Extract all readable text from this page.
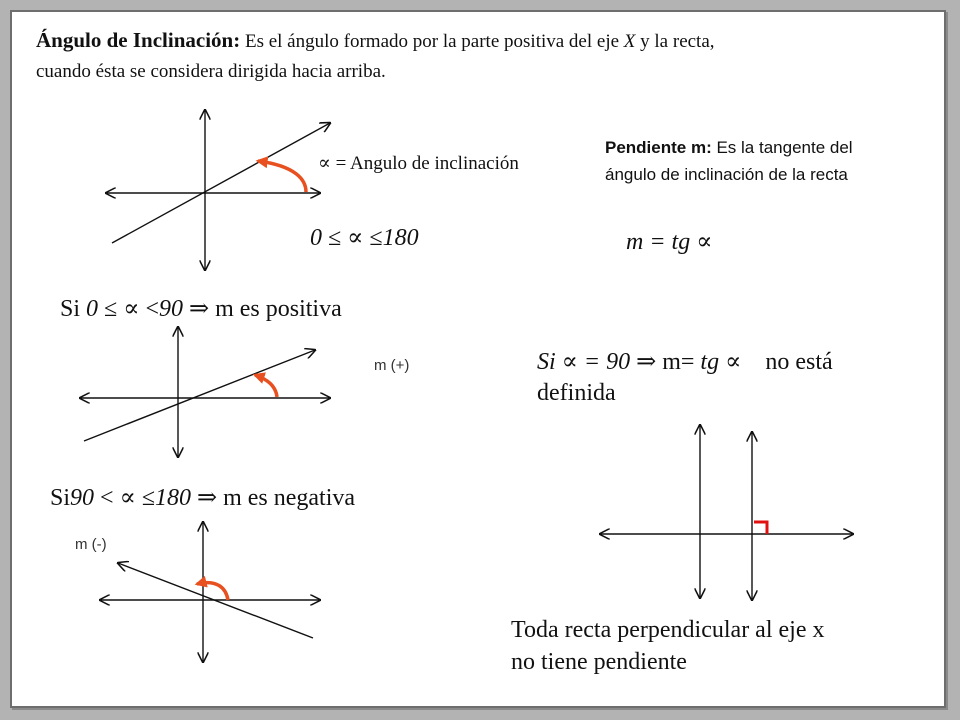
Ángulo de Inclinación: Es el ángulo formado por la parte positiva del eje X y la recta,
cuando ésta se considera dirigida hacia arriba.
∝ = Angulo de inclinación
0 ≤ ∝ ≤180
Pendiente m: Es la tangente del
ángulo de inclinación de la recta
m = tg ∝
Si 0 ≤ ∝ <90 ⇒ m es positiva
m (+)	Si ∝ = 90 ⇒ m= tg ∝ no está
definida
Si90 < ∝ ≤180 ⇒ m es negativa
m (-)
Toda recta perpendicular al eje x
no tiene pendiente
